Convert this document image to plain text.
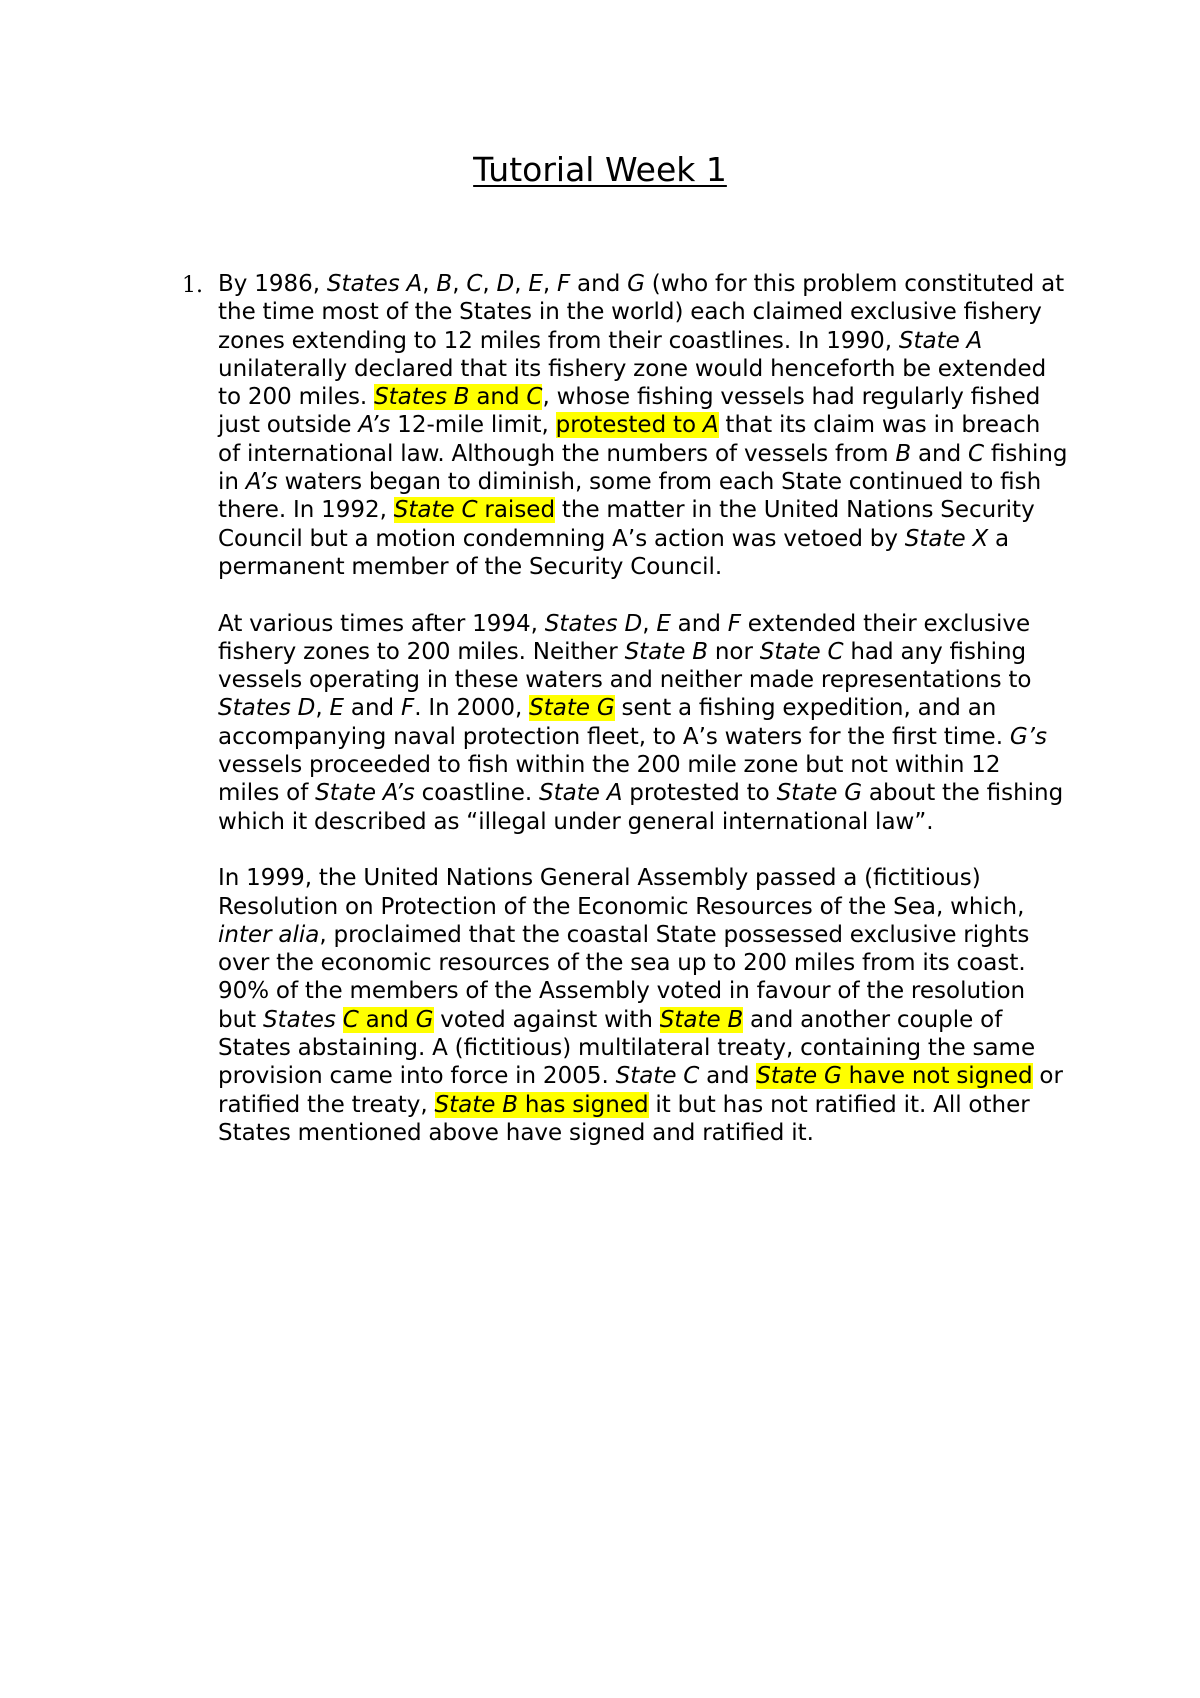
Tutorial Week 1
1. By 1986, States A, B, C, D, E, F and G (who for this problem constituted at the time most of the States in the world) each claimed exclusive fishery zones extending to 12 miles from their coastlines. In 1990, State A unilaterally declared that its fishery zone would henceforth be extended to 200 miles. States B and C, whose fishing vessels had regularly fished just outside A’s 12-mile limit, protested to A that its claim was in breach of international law. Although the numbers of vessels from B and C fishing in A’s waters began to diminish, some from each State continued to fish there. In 1992, State C raised the matter in the United Nations Security Council but a motion condemning A’s action was vetoed by State X a permanent member of the Security Council.

At various times after 1994, States D, E and F extended their exclusive fishery zones to 200 miles. Neither State B nor State C had any fishing vessels operating in these waters and neither made representations to States D, E and F. In 2000, State G sent a fishing expedition, and an accompanying naval protection fleet, to A’s waters for the first time. G’s vessels proceeded to fish within the 200 mile zone but not within 12 miles of State A’s coastline. State A protested to State G about the fishing which it described as “illegal under general international law”.

In 1999, the United Nations General Assembly passed a (fictitious) Resolution on Protection of the Economic Resources of the Sea, which, inter alia, proclaimed that the coastal State possessed exclusive rights over the economic resources of the sea up to 200 miles from its coast. 90% of the members of the Assembly voted in favour of the resolution but States C and G voted against with State B and another couple of States abstaining. A (fictitious) multilateral treaty, containing the same provision came into force in 2005. State C and State G have not signed or ratified the treaty, State B has signed it but has not ratified it. All other States mentioned above have signed and ratified it.
